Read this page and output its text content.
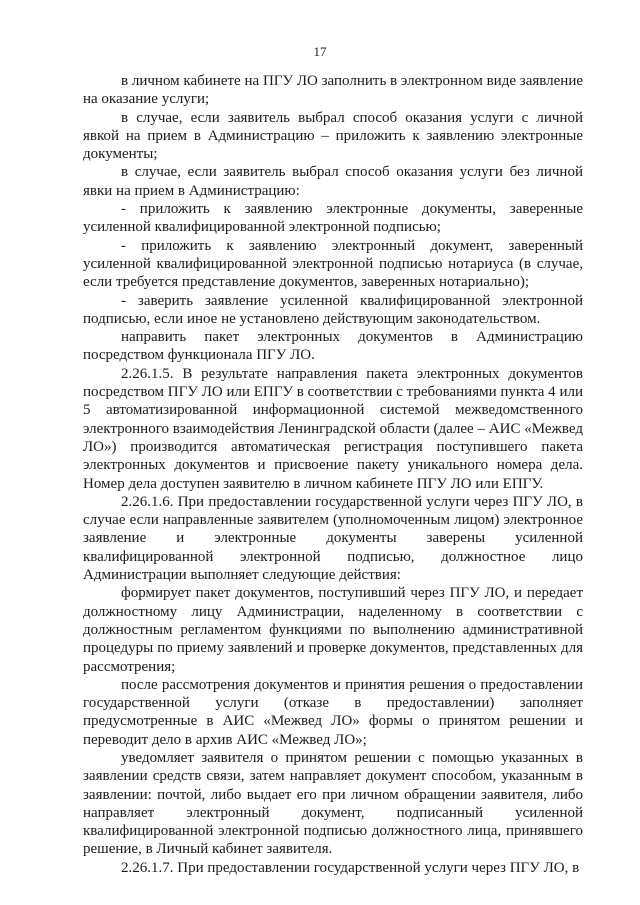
17

в личном кабинете на ПГУ ЛО заполнить в электронном виде заявление на оказание услуги;

в случае, если заявитель выбрал способ оказания услуги с личной явкой на прием в Администрацию – приложить к заявлению электронные документы;

в случае, если заявитель выбрал способ оказания услуги без личной явки на прием в Администрацию:

- приложить к заявлению электронные документы, заверенные усиленной квалифицированной электронной подписью;

- приложить к заявлению электронный документ, заверенный усиленной квалифицированной электронной подписью нотариуса (в случае, если требуется представление документов, заверенных нотариально);

- заверить заявление усиленной квалифицированной электронной подписью, если иное не установлено действующим законодательством.

направить пакет электронных документов в Администрацию посредством функционала ПГУ ЛО.

2.26.1.5. В результате направления пакета электронных документов посредством ПГУ ЛО или ЕПГУ в соответствии с требованиями пункта 4 или 5 автоматизированной информационной системой межведомственного электронного взаимодействия Ленинградской области (далее – АИС «Межвед ЛО») производится автоматическая регистрация поступившего пакета электронных документов и присвоение пакету уникального номера дела. Номер дела доступен заявителю в личном кабинете ПГУ ЛО или ЕПГУ.

2.26.1.6. При предоставлении государственной услуги через ПГУ ЛО, в случае если направленные заявителем (уполномоченным лицом) электронное заявление и электронные документы заверены усиленной квалифицированной электронной подписью, должностное лицо Администрации выполняет следующие действия:

формирует пакет документов, поступивший через ПГУ ЛО, и передает должностному лицу Администрации, наделенному в соответствии с должностным регламентом функциями по выполнению административной процедуры по приему заявлений и проверке документов, представленных для рассмотрения;

после рассмотрения документов и принятия решения о предоставлении государственной услуги (отказе в предоставлении) заполняет предусмотренные в АИС «Межвед ЛО» формы о принятом решении и переводит дело в архив АИС «Межвед ЛО»;

уведомляет заявителя о принятом решении с помощью указанных в заявлении средств связи, затем направляет документ способом, указанным в заявлении: почтой, либо выдает его при личном обращении заявителя, либо направляет электронный документ, подписанный усиленной квалифицированной электронной подписью должностного лица, принявшего решение, в Личный кабинет заявителя.

2.26.1.7. При предоставлении государственной услуги через ПГУ ЛО, в
